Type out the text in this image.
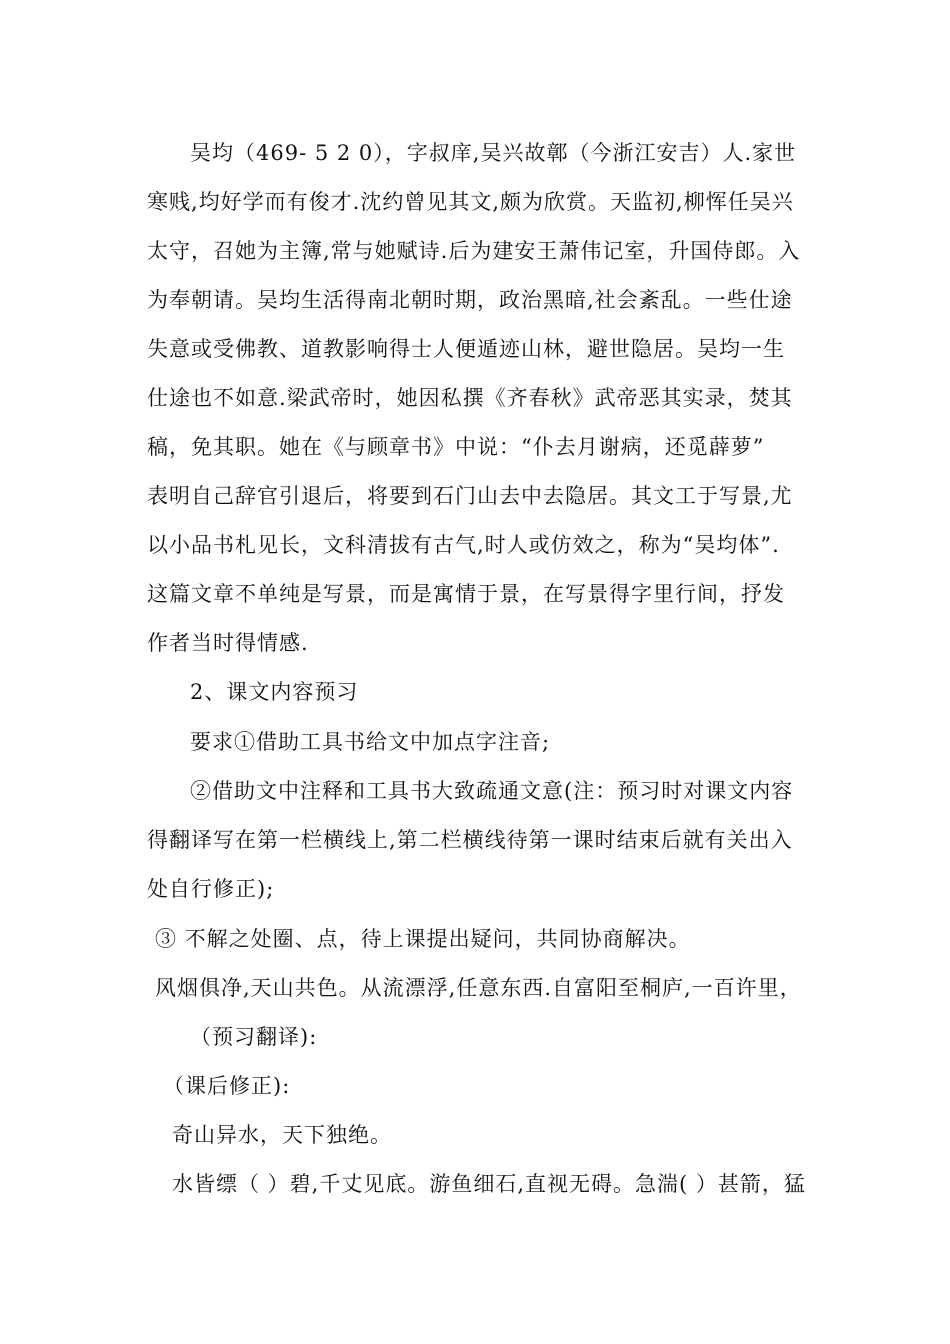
吴均（469- 5 2 0），字叔庠,吴兴故鄣（今浙江安吉）人.家世
寒贱,均好学而有俊才.沈约曾见其文,颇为欣赏。天监初,柳恽任吴兴
太守，召她为主簿,常与她赋诗.后为建安王萧伟记室，升国侍郎。入
为奉朝请。吴均生活得南北朝时期，政治黑暗,社会紊乱。一些仕途
失意或受佛教、道教影响得士人便遁迹山林，避世隐居。吴均一生
仕途也不如意.梁武帝时，她因私撰《齐春秋》武帝恶其实录，焚其
稿，免其职。她在《与顾章书》中说：“仆去月谢病，还觅薜萝”
表明自己辞官引退后，将要到石门山去中去隐居。其文工于写景,尤
以小品书札见长，文科清拔有古气,时人或仿效之，称为“吴均体”.
这篇文章不单纯是写景，而是寓情于景，在写景得字里行间，抒发
作者当时得情感.
2、课文内容预习
要求①借助工具书给文中加点字注音;
②借助文中注释和工具书大致疏通文意(注：预习时对课文内容
得翻译写在第一栏横线上,第二栏横线待第一课时结束后就有关出入
处自行修正);
③ 不解之处圈、点，待上课提出疑问，共同协商解决。
风烟俱净,天山共色。从流漂浮,任意东西.自富阳至桐庐,一百许里，
（预习翻译):
（课后修正):
奇山异水，天下独绝。
水皆缥（ ）碧,千丈见底。游鱼细石,直视无碍。急湍( ）甚箭，猛
